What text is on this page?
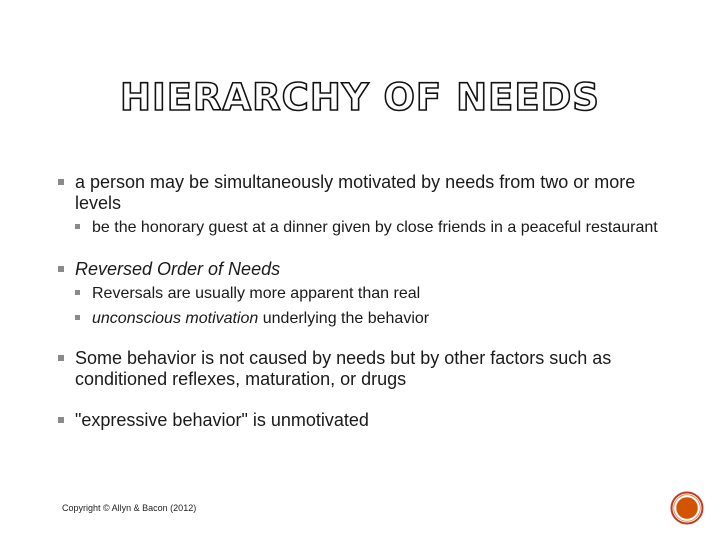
HIERARCHY OF NEEDS
a person may be simultaneously motivated by needs from two or more levels
be the honorary guest at a dinner given by close friends in a peaceful restaurant
Reversed Order of Needs
Reversals are usually more apparent than real
unconscious motivation underlying the behavior
Some behavior is not caused by needs but by other factors such as conditioned reflexes, maturation, or drugs
"expressive behavior" is unmotivated
Copyright © Allyn & Bacon (2012)
